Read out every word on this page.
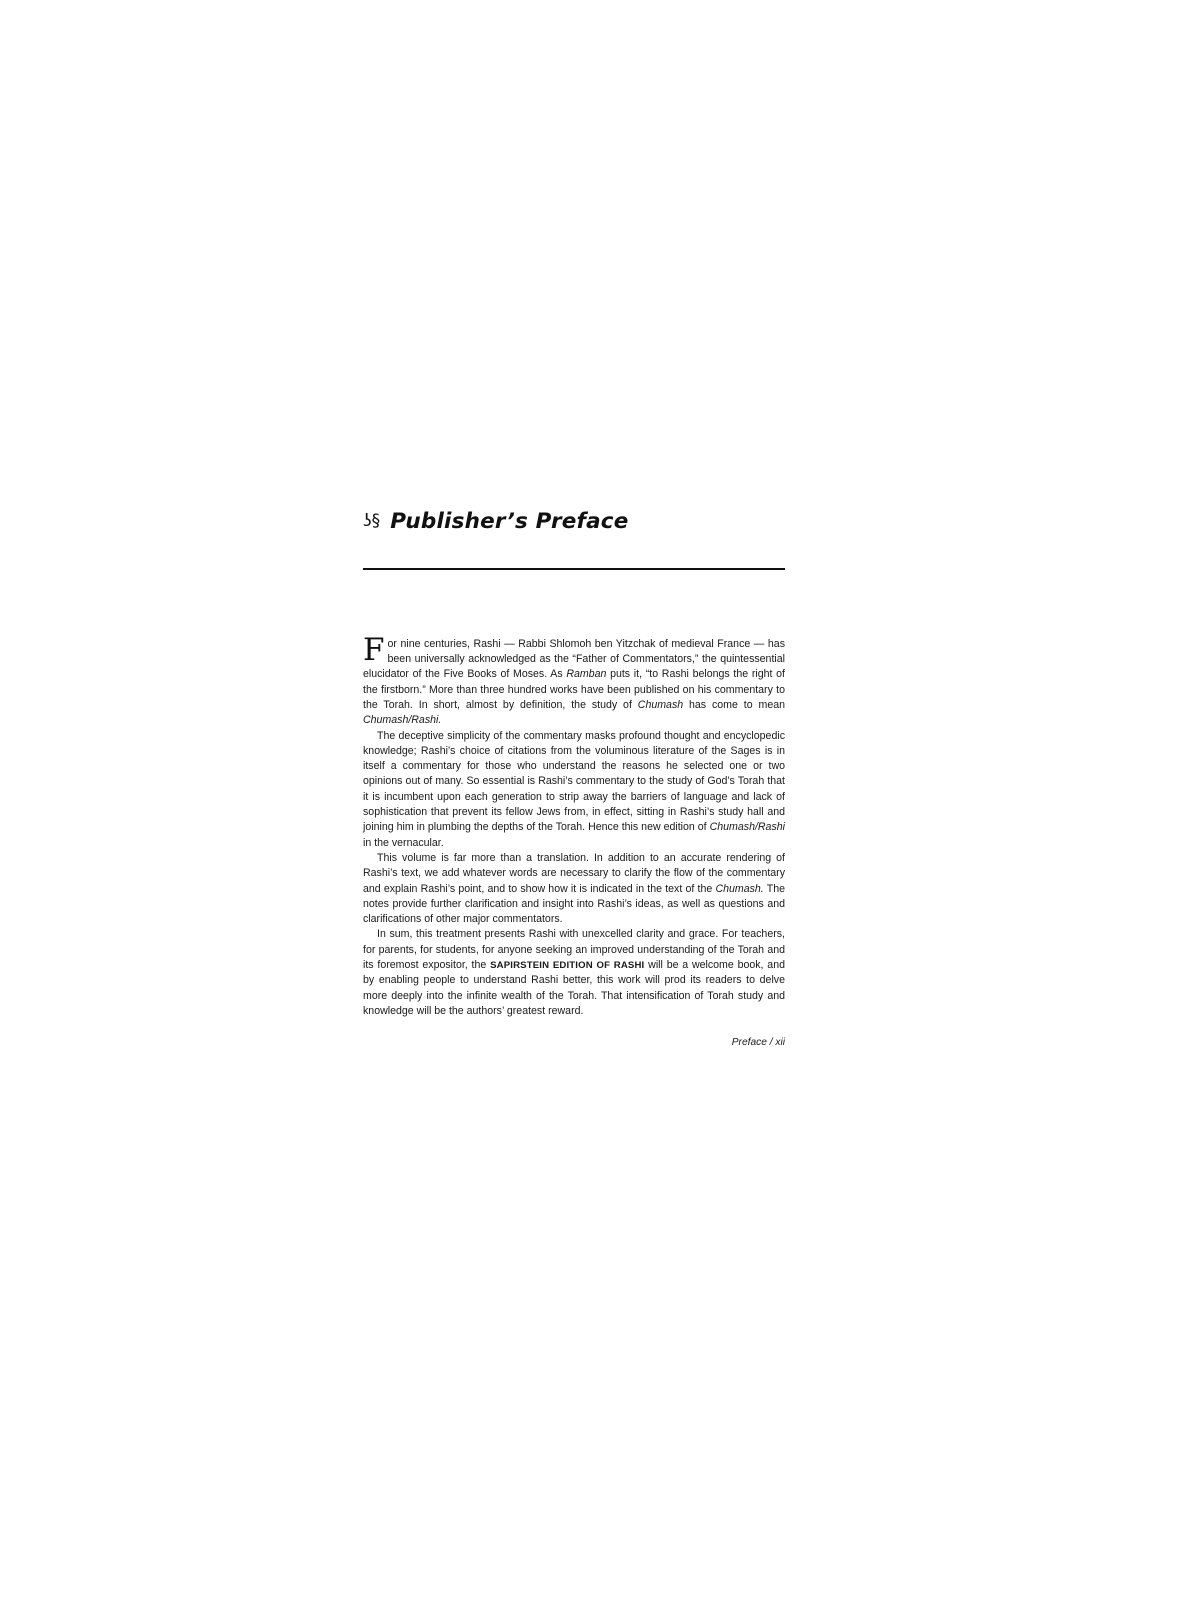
ʖ§ Publisher’s Preface

For nine centuries, Rashi — Rabbi Shlomoh ben Yitzchak of medieval France — has been universally acknowledged as the “Father of Commentators,” the quintessential elucidator of the Five Books of Moses. As Ramban puts it, “to Rashi belongs the right of the firstborn.” More than three hundred works have been published on his commentary to the Torah. In short, almost by definition, the study of Chumash has come to mean Chumash/Rashi.

The deceptive simplicity of the commentary masks profound thought and encyclopedic knowledge; Rashi’s choice of citations from the voluminous literature of the Sages is in itself a commentary for those who understand the reasons he selected one or two opinions out of many. So essential is Rashi’s commentary to the study of God’s Torah that it is incumbent upon each generation to strip away the barriers of language and lack of sophistication that prevent its fellow Jews from, in effect, sitting in Rashi’s study hall and joining him in plumbing the depths of the Torah. Hence this new edition of Chumash/Rashi in the vernacular.

This volume is far more than a translation. In addition to an accurate rendering of Rashi’s text, we add whatever words are necessary to clarify the flow of the commentary and explain Rashi’s point, and to show how it is indicated in the text of the Chumash. The notes provide further clarification and insight into Rashi’s ideas, as well as questions and clarifications of other major commentators.

In sum, this treatment presents Rashi with unexcelled clarity and grace. For teachers, for parents, for students, for anyone seeking an improved understanding of the Torah and its foremost expositor, the SAPIRSTEIN EDITION OF RASHI will be a welcome book, and by enabling people to understand Rashi better, this work will prod its readers to delve more deeply into the infinite wealth of the Torah. That intensification of Torah study and knowledge will be the authors’ greatest reward.

Preface / xii
